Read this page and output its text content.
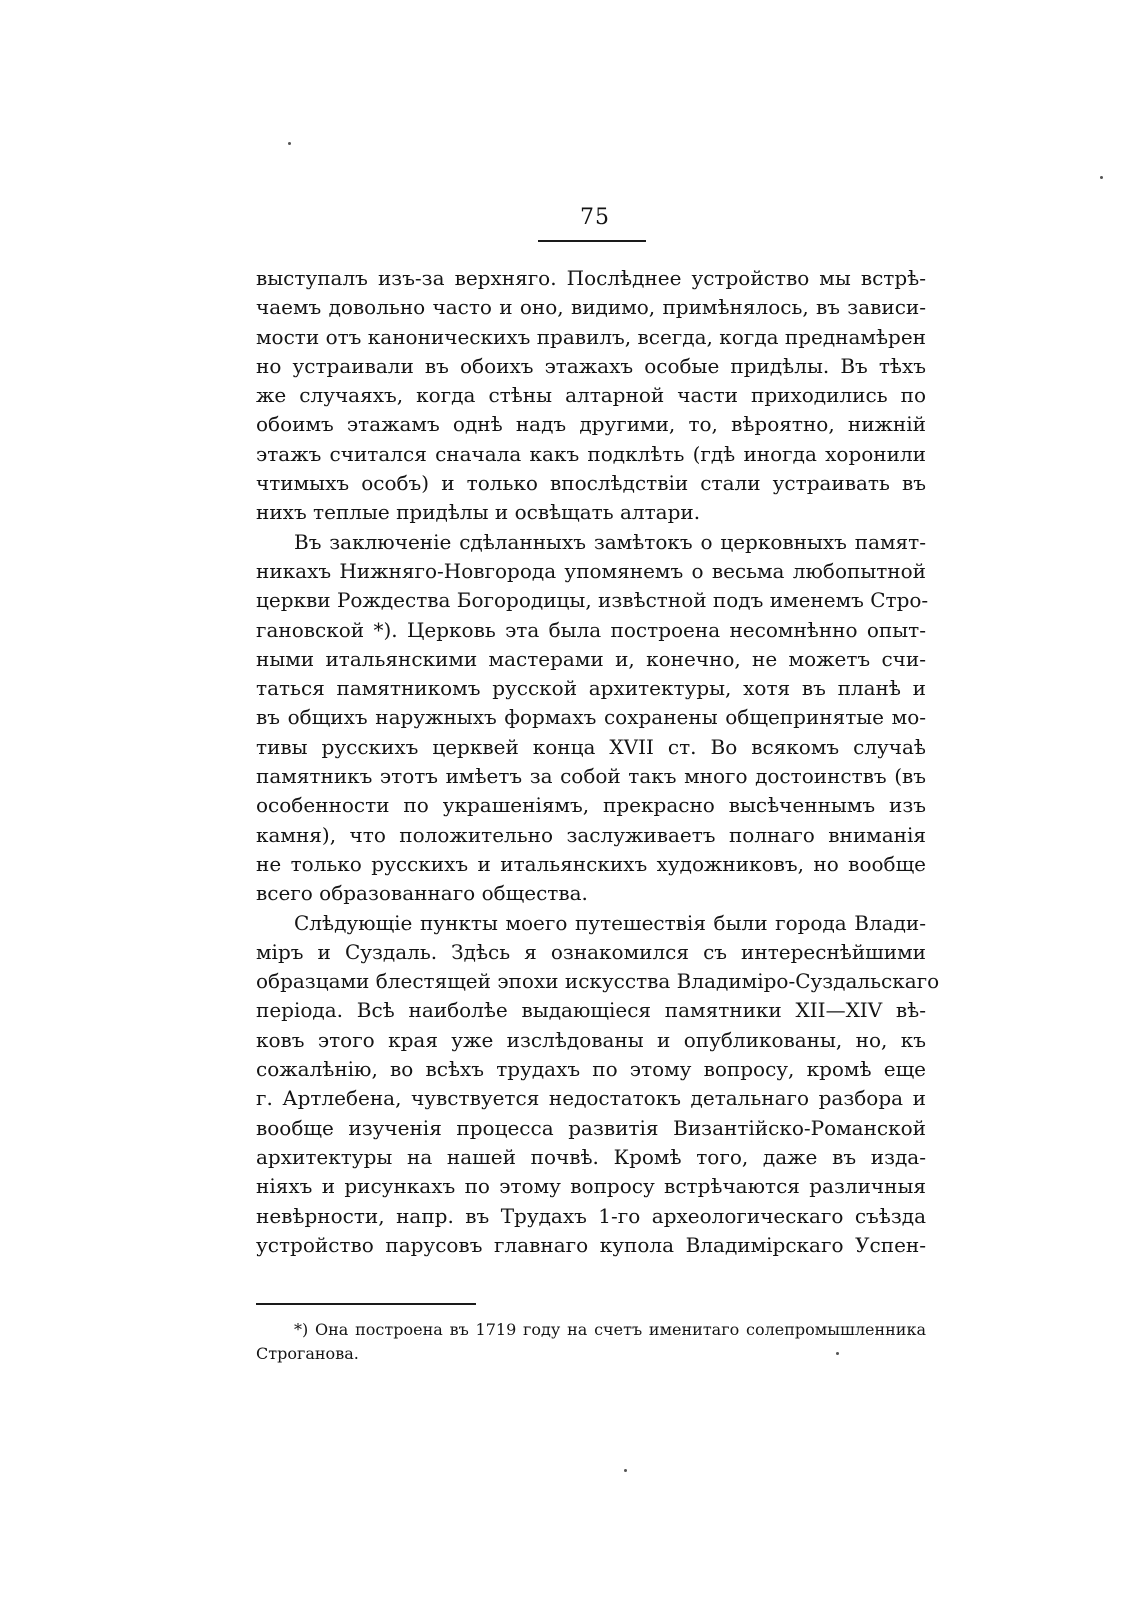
75
выступалъ изъ-за верхняго. Послѣднее устройство мы встрѣ-
чаемъ довольно часто и оно, видимо, примѣнялось, въ зависи-
мости отъ каноническихъ правилъ, всегда, когда преднамѣрен
но устраивали въ обоихъ этажахъ особые придѣлы. Въ тѣхъ
же случаяхъ, когда стѣны алтарной части приходились по
обоимъ этажамъ однѣ надъ другими, то, вѣроятно, нижній
этажъ считался сначала какъ подклѣть (гдѣ иногда хоронили
чтимыхъ особъ) и только впослѣдствіи стали устраивать въ
нихъ теплые придѣлы и освѣщать алтари.
Въ заключеніе сдѣланныхъ замѣтокъ о церковныхъ памят-
никахъ Нижняго-Новгорода упомянемъ о весьма любопытной
церкви Рождества Богородицы, извѣстной подъ именемъ Стро-
гановской *). Церковь эта была построена несомнѣнно опыт-
ными итальянскими мастерами и, конечно, не можетъ счи-
таться памятникомъ русской архитектуры, хотя въ планѣ и
въ общихъ наружныхъ формахъ сохранены общепринятые мо-
тивы русскихъ церквей конца XVII ст. Во всякомъ случаѣ
памятникъ этотъ имѣетъ за собой такъ много достоинствъ (въ
особенности по украшеніямъ, прекрасно высѣченнымъ изъ
камня), что положительно заслуживаетъ полнаго вниманія
не только русскихъ и итальянскихъ художниковъ, но вообще
всего образованнаго общества.
Слѣдующіе пункты моего путешествія были города Влади-
міръ и Суздаль. Здѣсь я ознакомился съ интереснѣйшими
образцами блестящей эпохи искусства Владиміро-Суздальскаго
періода. Всѣ наиболѣе выдающіеся памятники XII—XIV вѣ-
ковъ этого края уже изслѣдованы и опубликованы, но, къ
сожалѣнію, во всѣхъ трудахъ по этому вопросу, кромѣ еще
г. Артлебена, чувствуется недостатокъ детальнаго разбора и
вообще изученія процесса развитія Византійско-Романской
архитектуры на нашей почвѣ. Кромѣ того, даже въ изда-
ніяхъ и рисункахъ по этому вопросу встрѣчаются различныя
невѣрности, напр. въ Трудахъ 1-го археологическаго съѣзда
устройство парусовъ главнаго купола Владимірскаго Успен-
*) Она построена въ 1719 году на счетъ именитаго солепромышленника
Строганова.
